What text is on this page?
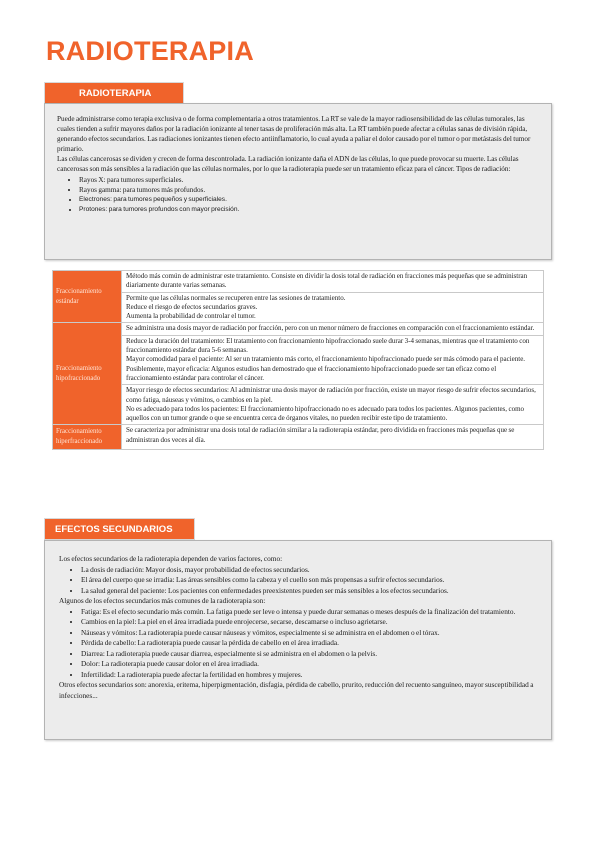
RADIOTERAPIA
RADIOTERAPIA

Puede administrarse como terapia exclusiva o de forma complementaria a otros tratamientos. La RT se vale de la mayor radiosensibilidad de las células tumorales, las cuales tienden a sufrir mayores daños por la radiación ionizante al tener tasas de proliferación más alta. La RT también puede afectar a células sanas de división rápida, generando efectos secundarios. Las radiaciones ionizantes tienen efecto antiinflamatorio, lo cual ayuda a paliar el dolor causado por el tumor o por metástasis del tumor primario.

Las células cancerosas se dividen y crecen de forma descontrolada. La radiación ionizante daña el ADN de las células, lo que puede provocar su muerte. Las células cancerosas son más sensibles a la radiación que las células normales, por lo que la radioterapia puede ser un tratamiento eficaz para el cáncer. Tipos de radiación:

• Rayos X: para tumores superficiales.
• Rayos gamma: para tumores más profundos.
• Electrones: para tumores pequeños y superficiales.
• Protones: para tumores profundos con mayor precisión.
Fraccionamiento estándar	Método más común de administrar este tratamiento. Consiste en dividir la dosis total de radiación en fracciones más pequeñas que se administran diariamente durante varias semanas.

	Permite que las células normales se recuperen entre las sesiones de tratamiento.
Reduce el riesgo de efectos secundarios graves.
Aumenta la probabilidad de controlar el tumor.

Fraccionamiento hipofraccionado	Se administra una dosis mayor de radiación por fracción, pero con un menor número de fracciones en comparación con el fraccionamiento estándar.

	Reduce la duración del tratamiento: El tratamiento con fraccionamiento hipofraccionado suele durar 3-4 semanas, mientras que el tratamiento con fraccionamiento estándar dura 5-6 semanas.
Mayor comodidad para el paciente: Al ser un tratamiento más corto, el fraccionamiento hipofraccionado puede ser más cómodo para el paciente.
Posiblemente, mayor eficacia: Algunos estudios han demostrado que el fraccionamiento hipofraccionado puede ser tan eficaz como el fraccionamiento estándar para controlar el cáncer.

	Mayor riesgo de efectos secundarios: Al administrar una dosis mayor de radiación por fracción, existe un mayor riesgo de sufrir efectos secundarios, como fatiga, náuseas y vómitos, o cambios en la piel.
No es adecuado para todos los pacientes: El fraccionamiento hipofraccionado no es adecuado para todos los pacientes. Algunos pacientes, como aquellos con un tumor grande o que se encuentra cerca de órganos vitales, no pueden recibir este tipo de tratamiento.

Fraccionamiento hiperfraccionado	Se caracteriza por administrar una dosis total de radiación similar a la radioterapia estándar, pero dividida en fracciones más pequeñas que se administran dos veces al día.
EFECTOS SECUNDARIOS

Los efectos secundarios de la radioterapia dependen de varios factores, como:

• La dosis de radiación: Mayor dosis, mayor probabilidad de efectos secundarios.
• El área del cuerpo que se irradia: Las áreas sensibles como la cabeza y el cuello son más propensas a sufrir efectos secundarios.
• La salud general del paciente: Los pacientes con enfermedades preexistentes pueden ser más sensibles a los efectos secundarios.

Algunos de los efectos secundarios más comunes de la radioterapia son:

• Fatiga: Es el efecto secundario más común. La fatiga puede ser leve o intensa y puede durar semanas o meses después de la finalización del tratamiento.
• Cambios en la piel: La piel en el área irradiada puede enrojecerse, secarse, descamarse o incluso agrietarse.
• Náuseas y vómitos: La radioterapia puede causar náuseas y vómitos, especialmente si se administra en el abdomen o el tórax.
• Pérdida de cabello: La radioterapia puede causar la pérdida de cabello en el área irradiada.
• Diarrea: La radioterapia puede causar diarrea, especialmente si se administra en el abdomen o la pelvis.
• Dolor: La radioterapia puede causar dolor en el área irradiada.
• Infertilidad: La radioterapia puede afectar la fertilidad en hombres y mujeres.

Otros efectos secundarios son: anorexia, eritema, hiperpigmentación, disfagia, pérdida de cabello, prurito, reducción del recuento sanguíneo, mayor susceptibilidad a infecciones...
